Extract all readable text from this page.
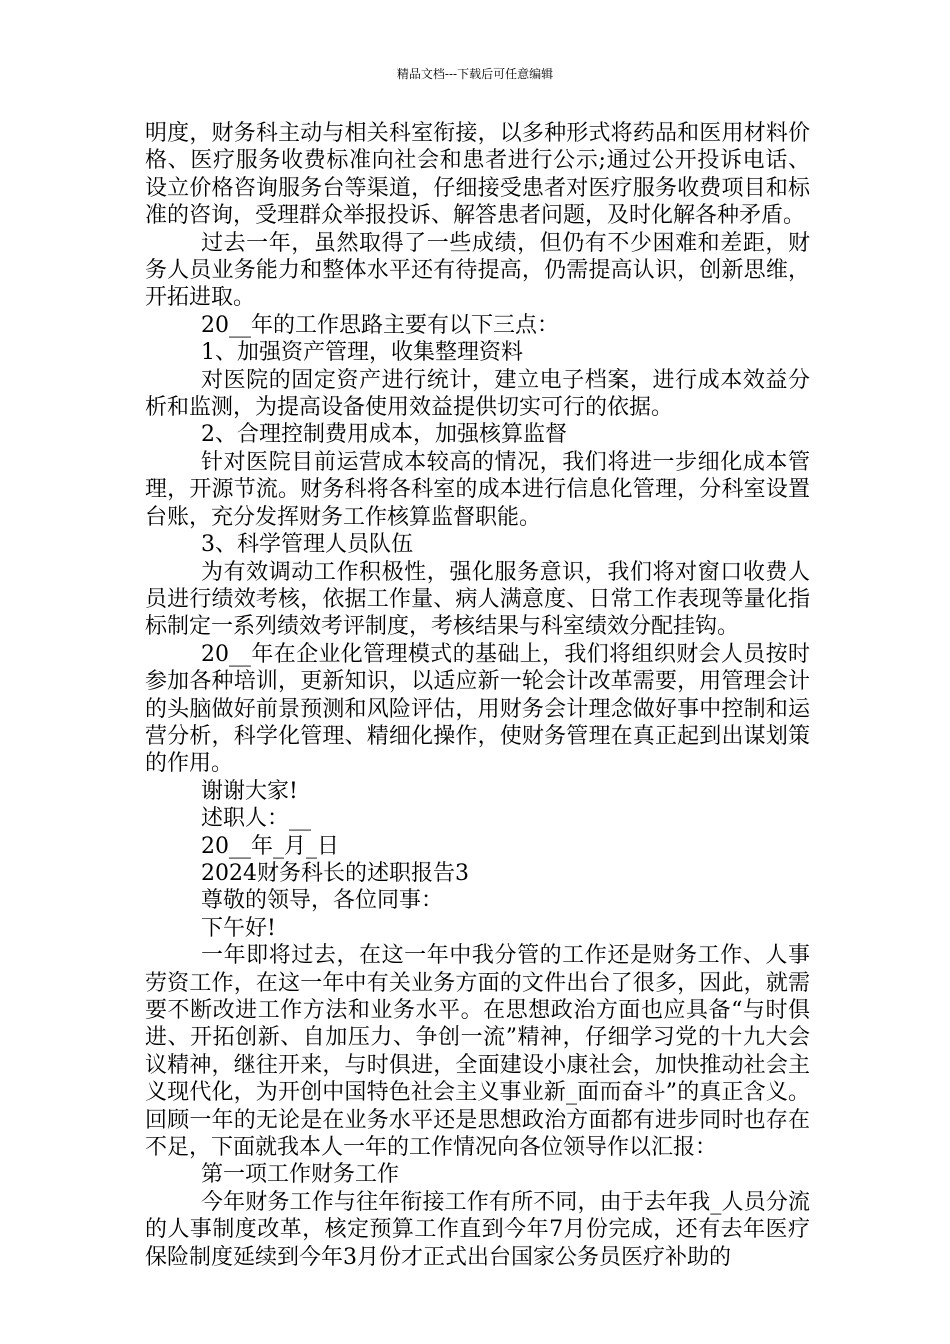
精品文档---下载后可任意编辑

明度，财务科主动与相关科室衔接，以多种形式将药品和医用材料价格、医疗服务收费标准向社会和患者进行公示;通过公开投诉电话、设立价格咨询服务台等渠道，仔细接受患者对医疗服务收费项目和标准的咨询，受理群众举报投诉、解答患者问题，及时化解各种矛盾。

过去一年，虽然取得了一些成绩，但仍有不少困难和差距，财务人员业务能力和整体水平还有待提高，仍需提高认识，创新思维，开拓进取。

20__年的工作思路主要有以下三点：

1、加强资产管理，收集整理资料

对医院的固定资产进行统计，建立电子档案，进行成本效益分析和监测，为提高设备使用效益提供切实可行的依据。

2、合理控制费用成本，加强核算监督

针对医院目前运营成本较高的情况，我们将进一步细化成本管理，开源节流。财务科将各科室的成本进行信息化管理，分科室设置台账，充分发挥财务工作核算监督职能。

3、科学管理人员队伍

为有效调动工作积极性，强化服务意识，我们将对窗口收费人员进行绩效考核，依据工作量、病人满意度、日常工作表现等量化指标制定一系列绩效考评制度，考核结果与科室绩效分配挂钩。

20__年在企业化管理模式的基础上，我们将组织财会人员按时参加各种培训，更新知识，以适应新一轮会计改革需要，用管理会计的头脑做好前景预测和风险评估，用财务会计理念做好事中控制和运营分析，科学化管理、精细化操作，使财务管理在真正起到出谋划策的作用。

谢谢大家!

述职人：__

20__年_月_日

2024财务科长的述职报告3

尊敬的领导，各位同事：

下午好!

一年即将过去，在这一年中我分管的工作还是财务工作、人事劳资工作，在这一年中有关业务方面的文件出台了很多，因此，就需要不断改进工作方法和业务水平。在思想政治方面也应具备“与时俱进、开拓创新、自加压力、争创一流”精神，仔细学习党的十九大会议精神，继往开来，与时俱进，全面建设小康社会，加快推动社会主义现代化，为开创中国特色社会主义事业新_面而奋斗”的真正含义。回顾一年的无论是在业务水平还是思想政治方面都有进步同时也存在不足，下面就我本人一年的工作情况向各位领导作以汇报：

第一项工作财务工作

今年财务工作与往年衔接工作有所不同，由于去年我_人员分流的人事制度改革，核定预算工作直到今年7月份完成，还有去年医疗保险制度延续到今年3月份才正式出台国家公务员医疗补助的
